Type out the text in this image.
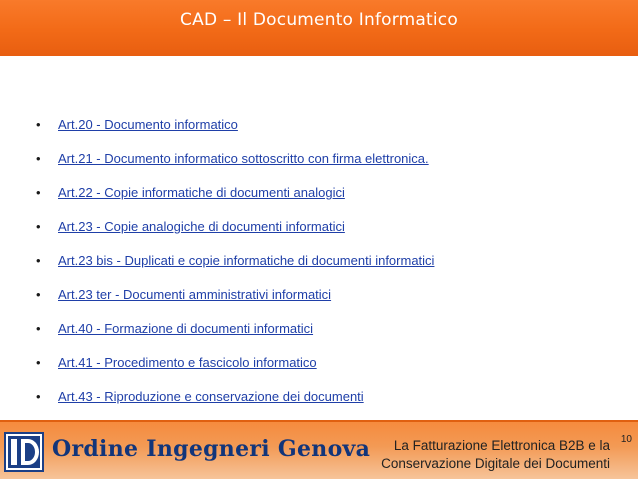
CAD – Il Documento Informatico
•	Art.20 - Documento informatico
•	Art.21 - Documento informatico sottoscritto con firma elettronica.
•	Art.22 - Copie informatiche di documenti analogici
•	Art.23 - Copie analogiche di documenti informatici
•	Art.23 bis - Duplicati e copie informatiche di documenti informatici
•	Art.23 ter - Documenti amministrativi informatici
•	Art.40 - Formazione di documenti informatici
•	Art.41 - Procedimento e fascicolo informatico
•	Art.43 - Riproduzione e conservazione dei documenti
Ordine Ingegneri Genova	La Fatturazione Elettronica B2B e la
Conservazione Digitale dei Documenti
10
